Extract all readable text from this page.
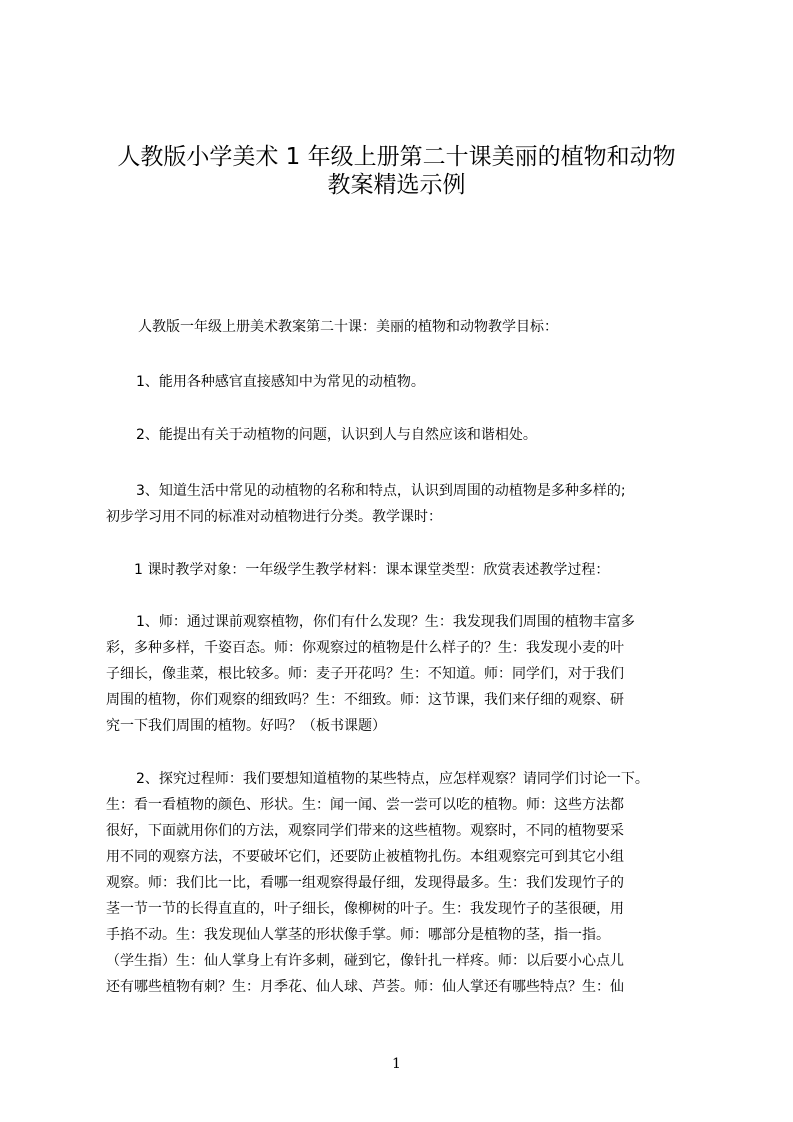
人教版小学美术 1 年级上册第二十课美丽的植物和动物
教案精选示例
人教版一年级上册美术教案第二十课：美丽的植物和动物教学目标：
1、能用各种感官直接感知中为常见的动植物。
2、能提出有关于动植物的问题，认识到人与自然应该和谐相处。
3、知道生活中常见的动植物的名称和特点，认识到周围的动植物是多种多样的;
初步学习用不同的标准对动植物进行分类。教学课时：
1 课时教学对象：一年级学生教学材料：课本课堂类型：欣赏表述教学过程：
1、师：通过课前观察植物，你们有什么发现？生：我发现我们周围的植物丰富多
彩，多种多样，千姿百态。师：你观察过的植物是什么样子的？生：我发现小麦的叶
子细长，像韭菜，根比较多。师：麦子开花吗？生：不知道。师：同学们，对于我们
周围的植物，你们观察的细致吗？生：不细致。师：这节课，我们来仔细的观察、研
究一下我们周围的植物。好吗？（板书课题）
2、探究过程师：我们要想知道植物的某些特点，应怎样观察？请同学们讨论一下。
生：看一看植物的颜色、形状。生：闻一闻、尝一尝可以吃的植物。师：这些方法都
很好，下面就用你们的方法，观察同学们带来的这些植物。观察时，不同的植物要采
用不同的观察方法，不要破坏它们，还要防止被植物扎伤。本组观察完可到其它小组
观察。师：我们比一比，看哪一组观察得最仔细，发现得最多。生：我们发现竹子的
茎一节一节的长得直直的，叶子细长，像柳树的叶子。生：我发现竹子的茎很硬，用
手掐不动。生：我发现仙人掌茎的形状像手掌。师：哪部分是植物的茎，指一指。
（学生指）生：仙人掌身上有许多刺，碰到它，像针扎一样疼。师：以后要小心点儿
还有哪些植物有刺？生：月季花、仙人球、芦荟。师：仙人掌还有哪些特点？生：仙
1
